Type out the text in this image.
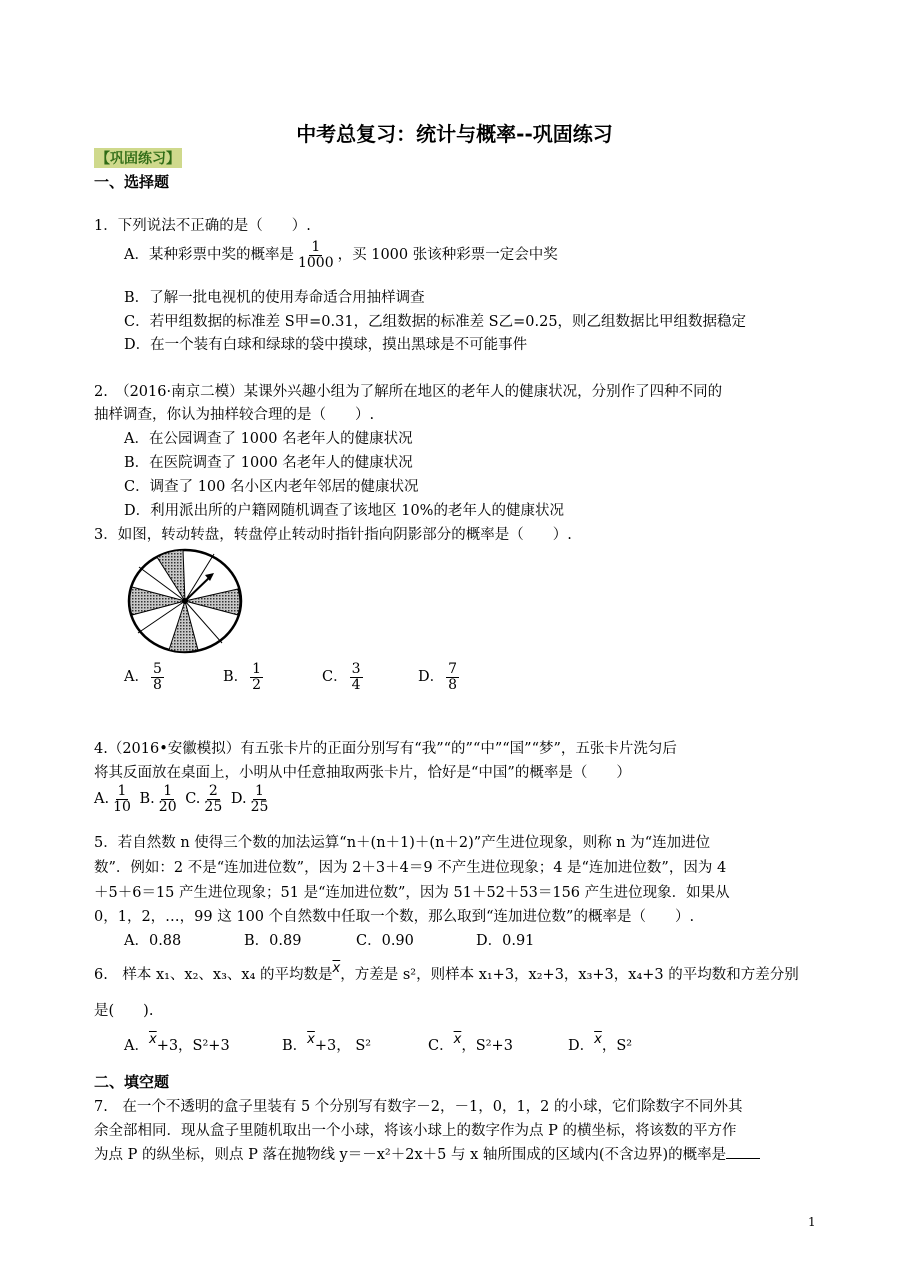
中考总复习：统计与概率--巩固练习
【巩固练习】
一、选择题
1．下列说法不正确的是（　　）.
A．某种彩票中奖的概率是 $\frac{1}{1000}$ ，买 1000 张该种彩票一定会中奖
B．了解一批电视机的使用寿命适合用抽样调查
C．若甲组数据的标准差 S甲=0.31，乙组数据的标准差 S乙=0.25，则乙组数据比甲组数据稳定
D．在一个装有白球和绿球的袋中摸球，摸出黑球是不可能事件
2.　（2016·南京二模）某课外兴趣小组为了解所在地区的老年人的健康状况，分别作了四种不同的
抽样调查，你认为抽样较合理的是（　　）.
A．在公园调查了 1000 名老年人的健康状况
B．在医院调查了 1000 名老年人的健康状况
C．调查了 100 名小区内老年邻居的健康状况
D．利用派出所的户籍网随机调查了该地区 10%的老年人的健康状况
3．如图，转动转盘，转盘停止转动时指针指向阴影部分的概率是（　　）.
A． $\frac{5}{8}$	B． $\frac{1}{2}$	C． $\frac{3}{4}$	D． $\frac{7}{8}$
4.（2016•安徽模拟）有五张卡片的正面分别写有“我”“的”“中”“国”“梦”，五张卡片洗匀后
将其反面放在桌面上，小明从中任意抽取两张卡片，恰好是“中国”的概率是（　　）
A. $\frac{1}{10} B$. $\frac{1}{20} C$. $\frac{2}{25} D$. $\frac{1}{25}$
5．若自然数 n 使得三个数的加法运算“n＋(n＋1)＋(n＋2)”产生进位现象，则称 n 为“连加进位
数”．例如：2 不是“连加进位数”，因为 2＋3＋4＝9 不产生进位现象；4 是“连加进位数”，因为 4
＋5＋6＝15 产生进位现象；51 是“连加进位数”，因为 51＋52＋53＝156 产生进位现象．如果从
0，1，2，…，99 这 100 个自然数中任取一个数，那么取到“连加进位数”的概率是（　　）.
A．0.88	B．0.89	C．0.90	D．0.91
6.　样本 x₁、x₂、x₃、x₄ 的平均数是$\overline{x}$，方差是 s²，则样本 x₁+3，x₂+3，x₃+3，x₄+3 的平均数和方差分别
是(　　).
A．$\overline{x}+3$，S²+3	B．$\overline{x}+3$， S²	C．$\overline{x}$，S²+3	D．$\overline{x}$，S²
二、填空题
7.　在一个不透明的盒子里装有 5 个分别写有数字－2，－1，0，1，2 的小球，它们除数字不同外其
余全部相同．现从盒子里随机取出一个小球，将该小球上的数字作为点 P 的横坐标，将该数的平方作
为点 P 的纵坐标，则点 P 落在抛物线 y＝－x²＋2x＋5 与 x 轴所围成的区域内(不含边界)的概率是
1
